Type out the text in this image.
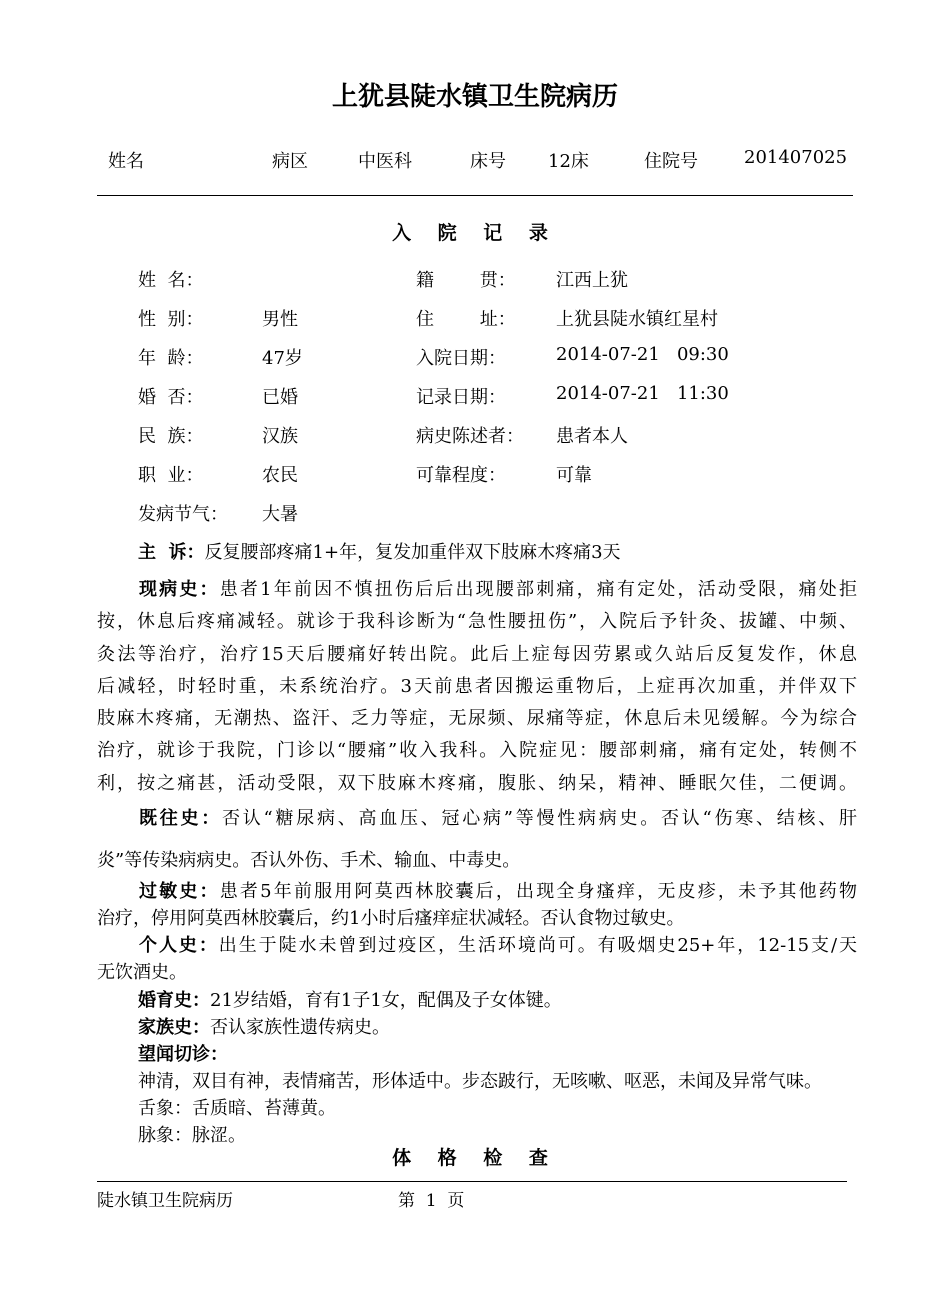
上犹县陡水镇卫生院病历
姓名	病区	中医科	床号 12床	住院号	201407025
入 院 记 录
姓  名：	籍        贯： 江西上犹
性  别：	男性	住        址： 上犹县陡水镇红星村
年  龄：	47岁	入院日期：	2014-07-21   09:30
婚  否：	已婚	记录日期：	2014-07-21   11:30
民  族：	汉族	病史陈述者： 患者本人
职  业：	农民	可靠程度：	可靠
发病节气： 大暑
主  诉：反复腰部疼痛1+年，复发加重伴双下肢麻木疼痛3天

现病史：患者1年前因不慎扭伤后后出现腰部刺痛，痛有定处，活动受限，痛处拒

按，休息后疼痛减轻。就诊于我科诊断为“急性腰扭伤”，入院后予针灸、拔罐、中频、

灸法等治疗，治疗15天后腰痛好转出院。此后上症每因劳累或久站后反复发作，休息

后减轻，时轻时重，未系统治疗。3天前患者因搬运重物后，上症再次加重，并伴双下

肢麻木疼痛，无潮热、盗汗、乏力等症，无尿频、尿痛等症，休息后未见缓解。今为综合

治疗，就诊于我院，门诊以“腰痛”收入我科。入院症见：腰部刺痛，痛有定处，转侧不

利，按之痛甚，活动受限，双下肢麻木疼痛，腹胀、纳呆，精神、睡眠欠佳，二便调。

既往史：否认“糖尿病、高血压、冠心病”等慢性病病史。否认“伤寒、结核、肝

炎”等传染病病史。否认外伤、手术、输血、中毒史。

过敏史：患者5年前服用阿莫西林胶囊后，出现全身瘙痒，无皮疹，未予其他药物

治疗，停用阿莫西林胶囊后，约1小时后瘙痒症状减轻。否认食物过敏史。

个人史：出生于陡水未曾到过疫区，生活环境尚可。有吸烟史25+年，12-15支/天

无饮酒史。

婚育史：21岁结婚，育有1子1女，配偶及子女体键。
家族史：否认家族性遗传病史。
望闻切诊：
神清，双目有神，表情痛苦，形体适中。步态跛行，无咳嗽、呕恶，未闻及异常气味。
舌象：舌质暗、苔薄黄。
脉象：脉涩。
体 格 检 查
陡水镇卫生院病历	第  1  页
